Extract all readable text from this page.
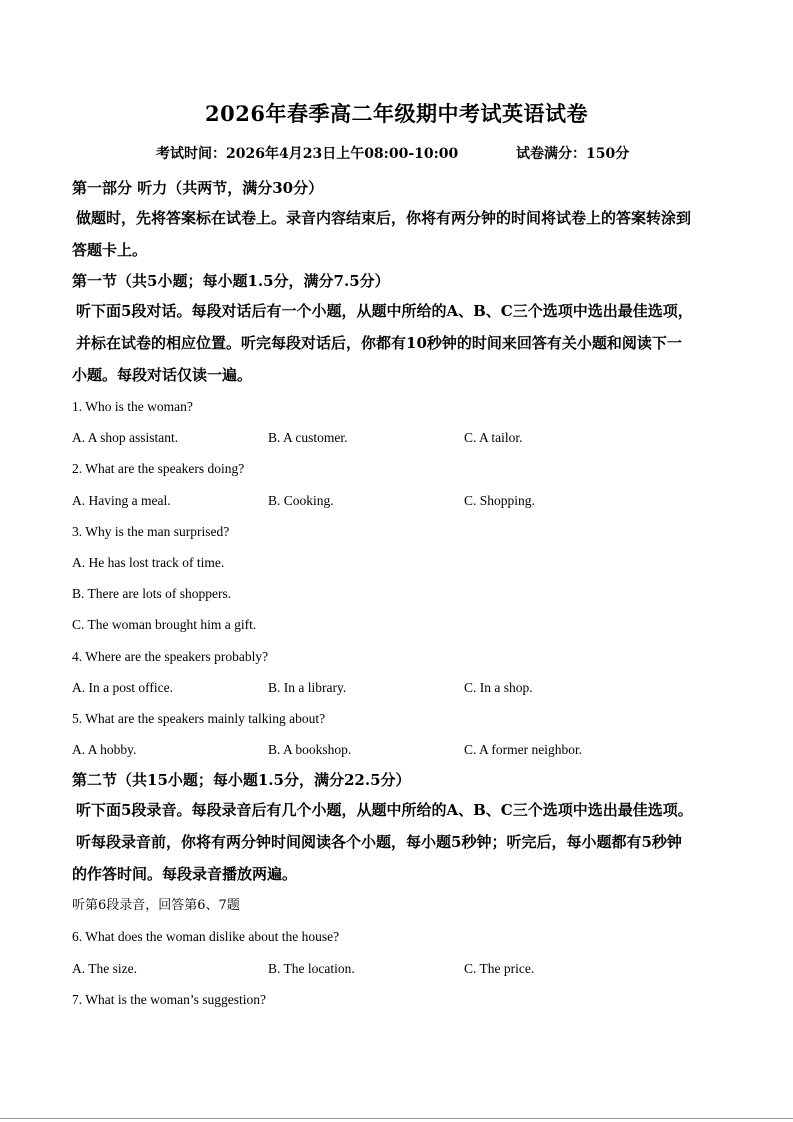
2026年春季高二年级期中考试英语试卷
考试时间：2026年4月23日上午08:00-10:00	试卷满分：150分
第一部分 听力（共两节，满分30分）
做题时，先将答案标在试卷上。录音内容结束后，你将有两分钟的时间将试卷上的答案转涂到
答题卡上。
第一节（共5小题；每小题1.5分，满分7.5分）
听下面5段对话。每段对话后有一个小题，从题中所给的A、B、C三个选项中选出最佳选项，
并标在试卷的相应位置。听完每段对话后，你都有10秒钟的时间来回答有关小题和阅读下一
小题。每段对话仅读一遍。
1. Who is the woman?
A. A shop assistant.	B. A customer.	C. A tailor.
2. What are the speakers doing?
A. Having a meal.	B. Cooking.	C. Shopping.
3. Why is the man surprised?
A. He has lost track of time.
B. There are lots of shoppers.
C. The woman brought him a gift.
4. Where are the speakers probably?
A. In a post office.	B. In a library.	C. In a shop.
5. What are the speakers mainly talking about?
A. A hobby.	B. A bookshop.	C. A former neighbor.
第二节（共15小题；每小题1.5分，满分22.5分）
听下面5段录音。每段录音后有几个小题，从题中所给的A、B、C三个选项中选出最佳选项。
听每段录音前，你将有两分钟时间阅读各个小题，每小题5秒钟；听完后，每小题都有5秒钟
的作答时间。每段录音播放两遍。
听第6段录音，回答第6、7题
6. What does the woman dislike about the house?
A. The size.	B. The location.	C. The price.
7. What is the woman’s suggestion?
